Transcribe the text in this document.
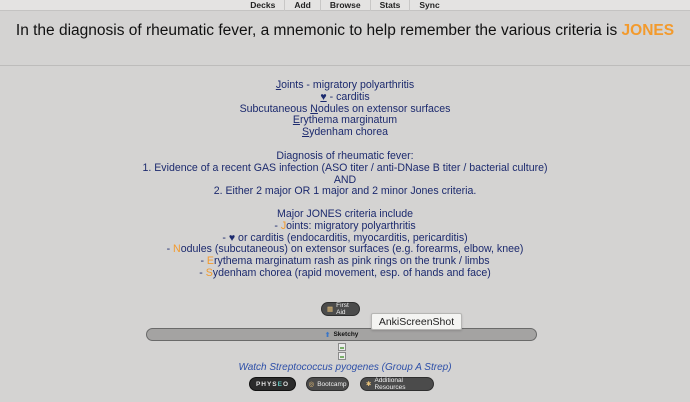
Decks	Add	Browse	Stats	Sync
In the diagnosis of rheumatic fever, a mnemonic to help remember the various criteria is JONES
Joints - migratory polyarthritis
♥ - carditis
Subcutaneous Nodules on extensor surfaces
Erythema marginatum
Sydenham chorea
Diagnosis of rheumatic fever:
1. Evidence of a recent GAS infection (ASO titer / anti-DNase B titer / bacterial culture)
AND
2. Either 2 major OR 1 major and 2 minor Jones criteria.
Major JONES criteria include
- Joints: migratory polyarthritis
- ♥ or carditis (endocarditis, myocarditis, pericarditis)
- Nodules (subcutaneous) on extensor surfaces (e.g. forearms, elbow, knee)
- Erythema marginatum rash as pink rings on the trunk / limbs
- Sydenham chorea (rapid movement, esp. of hands and face)
▦
First Aid
⬆ Sketchy
AnkiScreenShot
Watch Streptococcus pyogenes (Group A Strep)
PHYS E O	◎ Bootcamp	✱
Additional Resources
